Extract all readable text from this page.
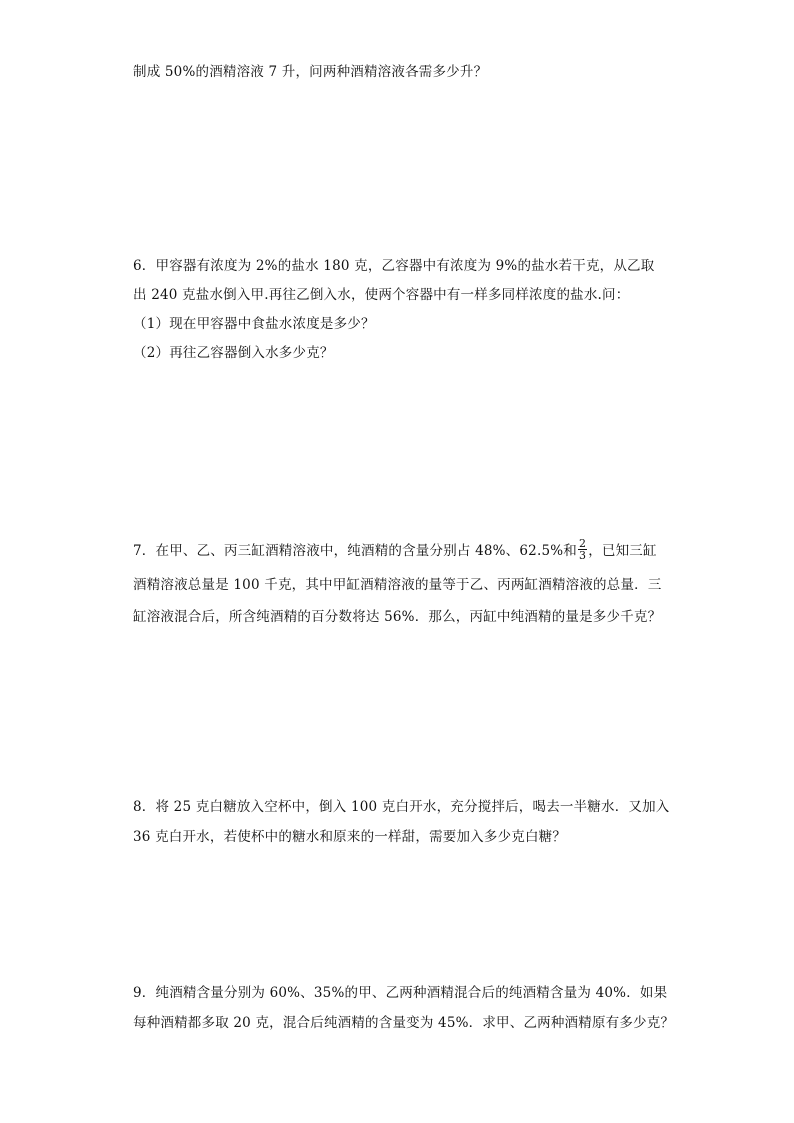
制成 50%的酒精溶液 7 升，问两种酒精溶液各需多少升？
6．甲容器有浓度为 2%的盐水 180 克，乙容器中有浓度为 9%的盐水若干克，从乙取
出 240 克盐水倒入甲.再往乙倒入水，使两个容器中有一样多同样浓度的盐水.问：
（1）现在甲容器中食盐水浓度是多少？
（2）再往乙容器倒入水多少克？
7．在甲、乙、丙三缸酒精溶液中，纯酒精的含量分别占 48%、62.5%和 $\frac{2}{3}$ ，已知三缸
酒精溶液总量是 100 千克，其中甲缸酒精溶液的量等于乙、丙两缸酒精溶液的总量．三
缸溶液混合后，所含纯酒精的百分数将达 56%．那么，丙缸中纯酒精的量是多少千克？
8．将 25 克白糖放入空杯中，倒入 100 克白开水，充分搅拌后，喝去一半糖水．又加入
36 克白开水，若使杯中的糖水和原来的一样甜，需要加入多少克白糖？
9．纯酒精含量分别为 60%、35%的甲、乙两种酒精混合后的纯酒精含量为 40%．如果
每种酒精都多取 20 克，混合后纯酒精的含量变为 45%．求甲、乙两种酒精原有多少克？
